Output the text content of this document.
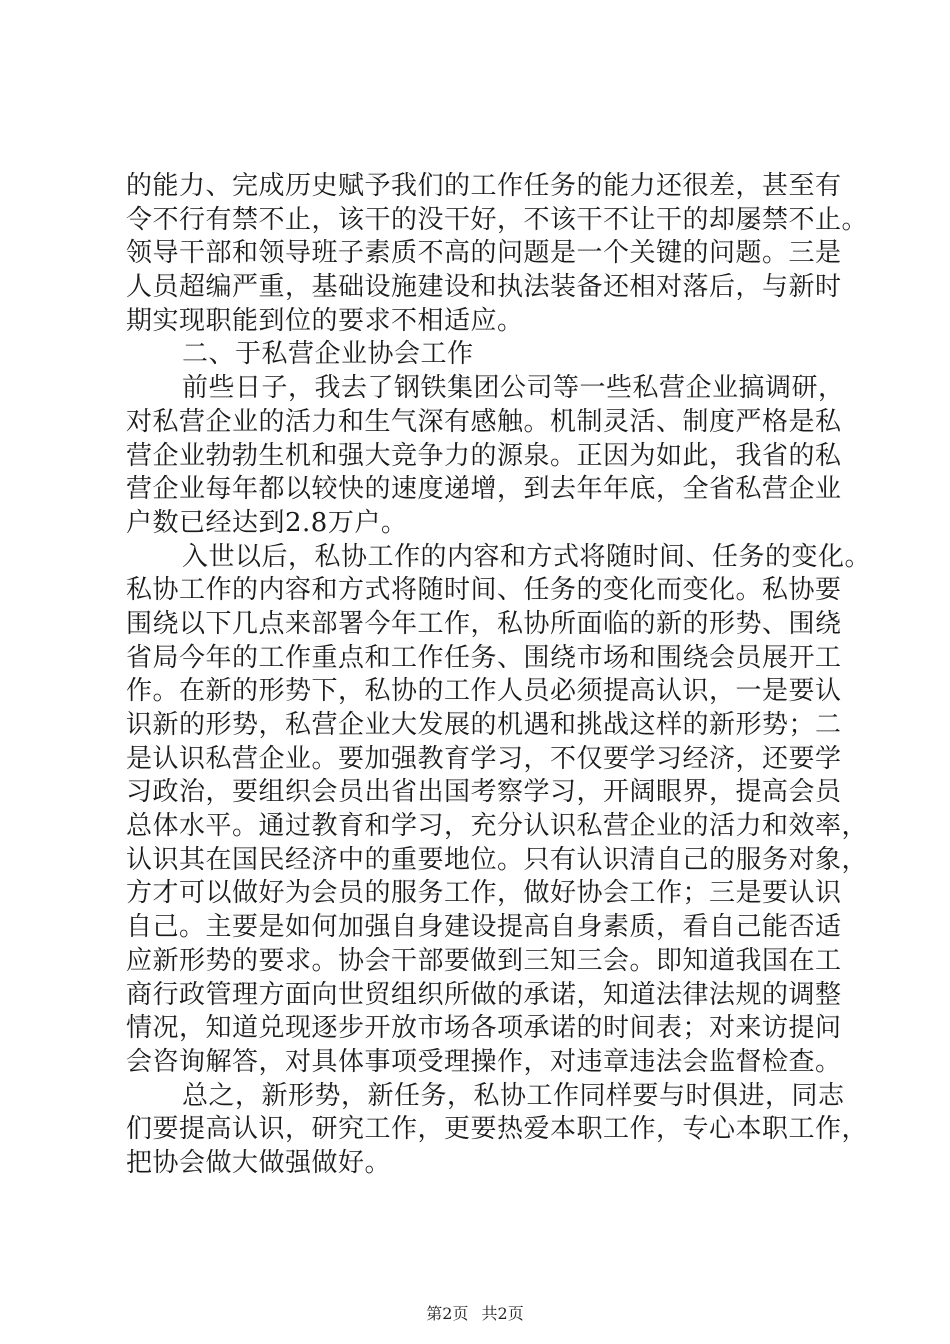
的能力、完成历史赋予我们的工作任务的能力还很差，甚至有
令不行有禁不止，该干的没干好，不该干不让干的却屡禁不止。
领导干部和领导班子素质不高的问题是一个关键的问题。三是
人员超编严重，基础设施建设和执法装备还相对落后，与新时
期实现职能到位的要求不相适应。
二、于私营企业协会工作
前些日子，我去了钢铁集团公司等一些私营企业搞调研，
对私营企业的活力和生气深有感触。机制灵活、制度严格是私
营企业勃勃生机和强大竞争力的源泉。正因为如此，我省的私
营企业每年都以较快的速度递增，到去年年底，全省私营企业
户数已经达到2.8万户。
入世以后，私协工作的内容和方式将随时间、任务的变化。
私协工作的内容和方式将随时间、任务的变化而变化。私协要
围绕以下几点来部署今年工作，私协所面临的新的形势、围绕
省局今年的工作重点和工作任务、围绕市场和围绕会员展开工
作。在新的形势下，私协的工作人员必须提高认识，一是要认
识新的形势，私营企业大发展的机遇和挑战这样的新形势；二
是认识私营企业。要加强教育学习，不仅要学习经济，还要学
习政治，要组织会员出省出国考察学习，开阔眼界，提高会员
总体水平。通过教育和学习，充分认识私营企业的活力和效率，
认识其在国民经济中的重要地位。只有认识清自己的服务对象，
方才可以做好为会员的服务工作，做好协会工作；三是要认识
自己。主要是如何加强自身建设提高自身素质，看自己能否适
应新形势的要求。协会干部要做到三知三会。即知道我国在工
商行政管理方面向世贸组织所做的承诺，知道法律法规的调整
情况，知道兑现逐步开放市场各项承诺的时间表；对来访提问
会咨询解答，对具体事项受理操作，对违章违法会监督检查。
总之，新形势，新任务，私协工作同样要与时俱进，同志
们要提高认识，研究工作，更要热爱本职工作，专心本职工作，
把协会做大做强做好。
第2页 共2页
